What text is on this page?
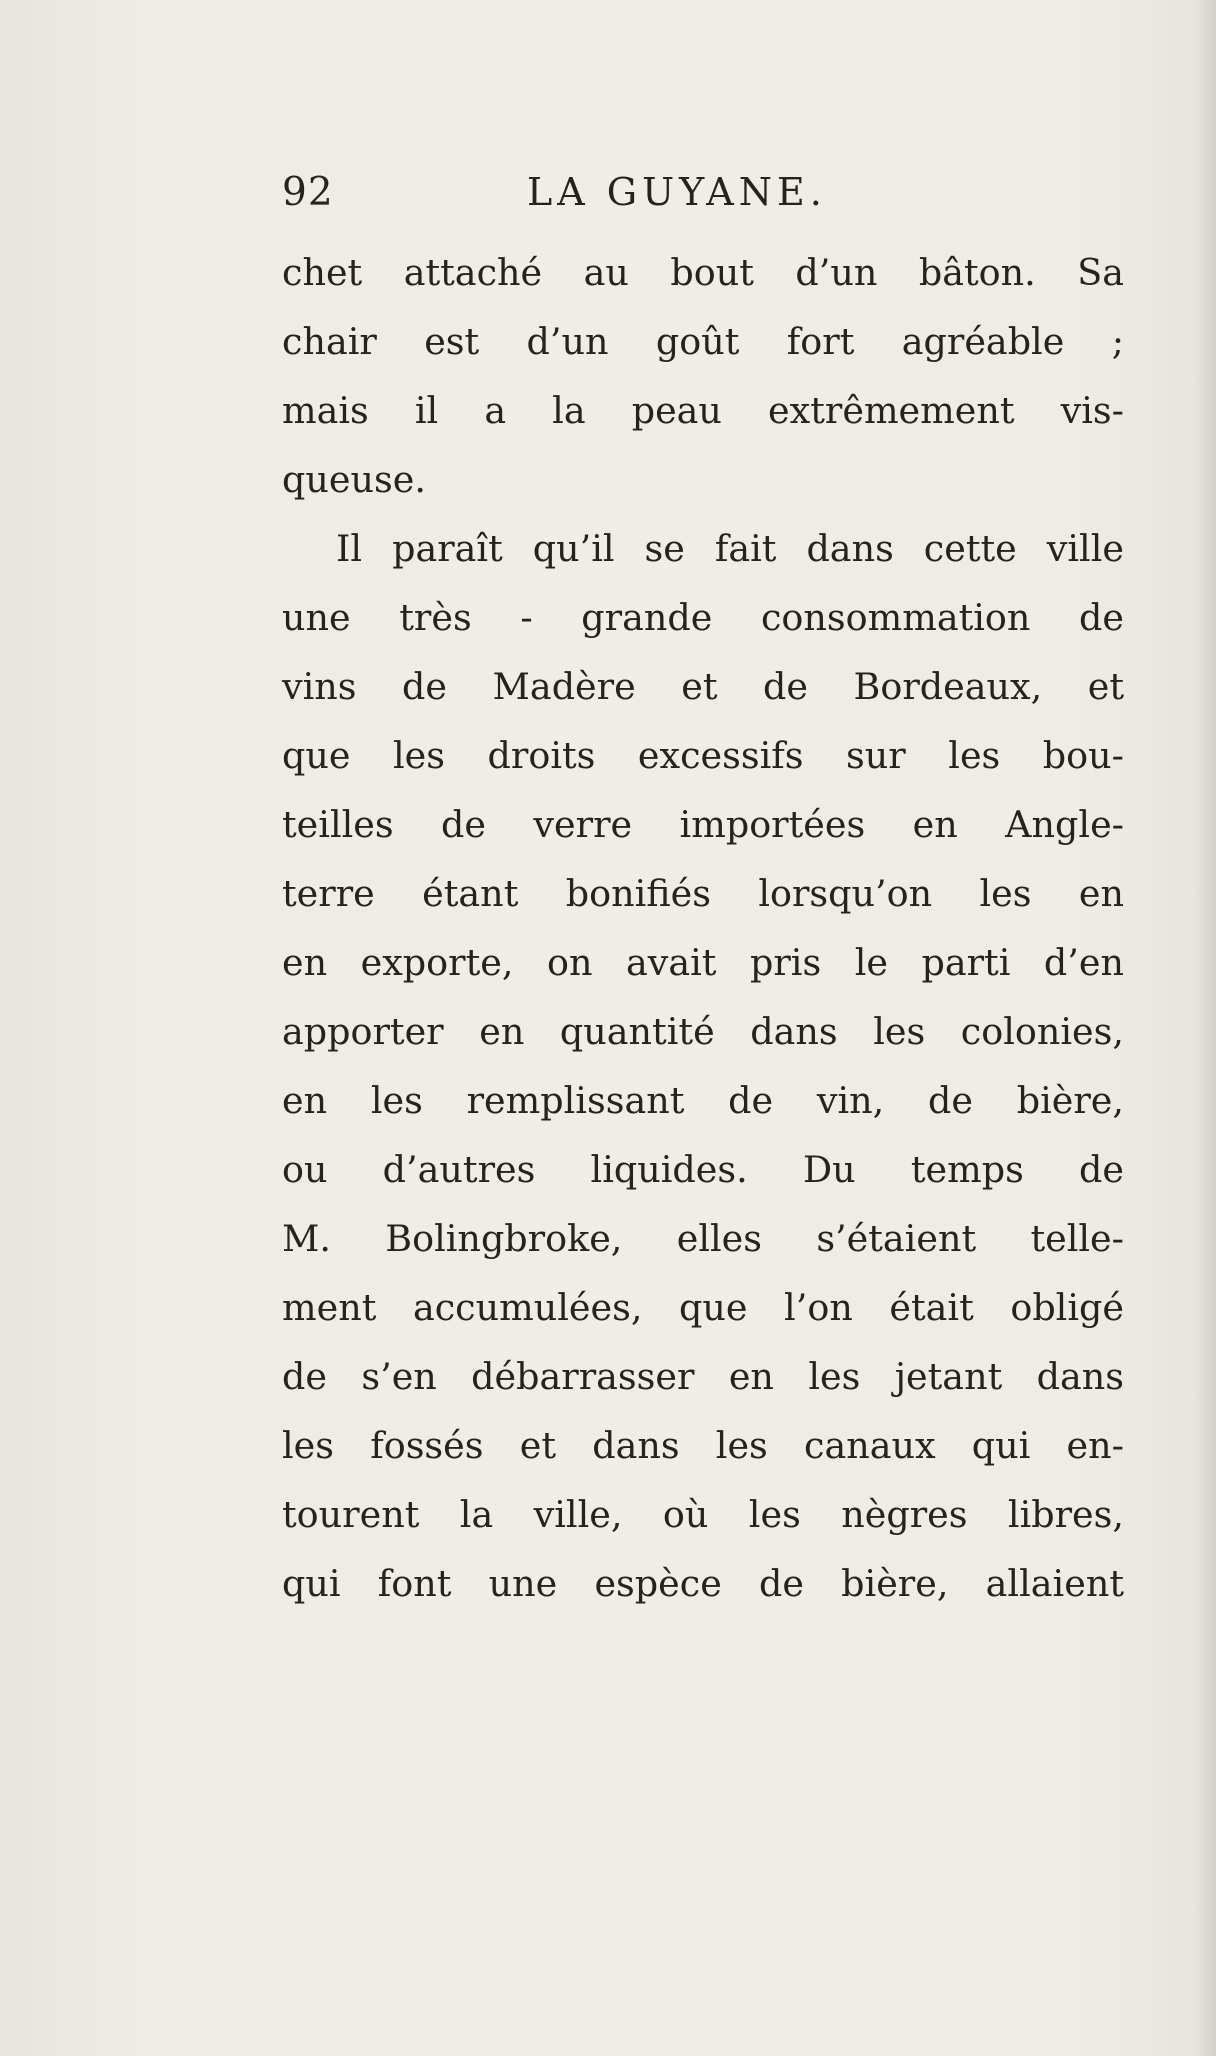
92	LA GUYANE.
chet attaché au bout d’un bâton. Sa
chair est d’un goût fort agréable ;
mais il a la peau extrêmement vis-
queuse.
Il paraît qu’il se fait dans cette ville
une très - grande consommation de
vins de Madère et de Bordeaux, et
que les droits excessifs sur les bou-
teilles de verre importées en Angle-
terre étant bonifiés lorsqu’on les en
en exporte, on avait pris le parti d’en
apporter en quantité dans les colonies,
en les remplissant de vin, de bière,
ou d’autres liquides. Du temps de
M. Bolingbroke, elles s’étaient telle-
ment accumulées, que l’on était obligé
de s’en débarrasser en les jetant dans
les fossés et dans les canaux qui en-
tourent la ville, où les nègres libres,
qui font une espèce de bière, allaient
